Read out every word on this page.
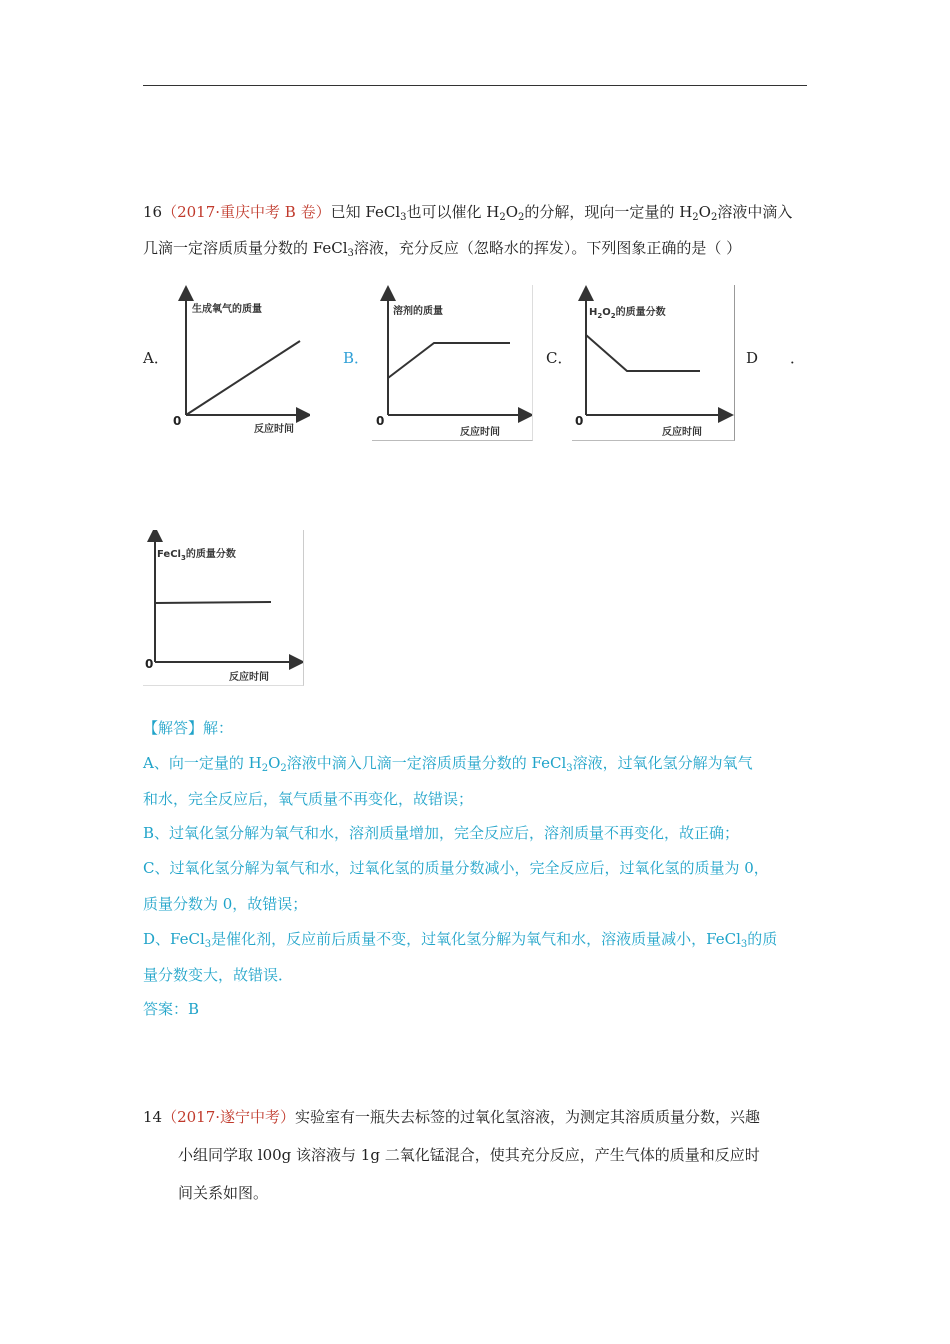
16（2017·重庆中考 B 卷）已知 FeCl$_3$也可以催化 $H_2O_2$的分解，现向一定量的 $H_2O_2$溶液中滴入
几滴一定溶质质量分数的 FeCl$_3$溶液，充分反应（忽略水的挥发）。下列图象正确的是（ ）
A．	B．	C．	D ．
生成氧气的质量
0
反应时间
溶剂的质量
0
反应时间
$H_2O_2$的质量分数
0
反应时间
FeCl$_3$的质量分数
0
反应时间
【解答】解：
A、向一定量的 $H_2O_2$溶液中滴入几滴一定溶质质量分数的 FeCl$_3$溶液，过氧化氢分解为氧气
和水，完全反应后，氧气质量不再变化，故错误；
B、过氧化氢分解为氧气和水，溶剂质量增加，完全反应后，溶剂质量不再变化，故正确；
C、过氧化氢分解为氧气和水，过氧化氢的质量分数减小，完全反应后，过氧化氢的质量为 0，
质量分数为 0，故错误；
D、FeCl$_3$是催化剂，反应前后质量不变，过氧化氢分解为氧气和水，溶液质量减小，FeCl$_3$的质
量分数变大，故错误．
答案：B
14（2017·遂宁中考）实验室有一瓶失去标签的过氧化氢溶液，为测定其溶质质量分数，兴趣
小组同学取 l00g 该溶液与 1g 二氧化锰混合，使其充分反应，产生气体的质量和反应时
间关系如图。
